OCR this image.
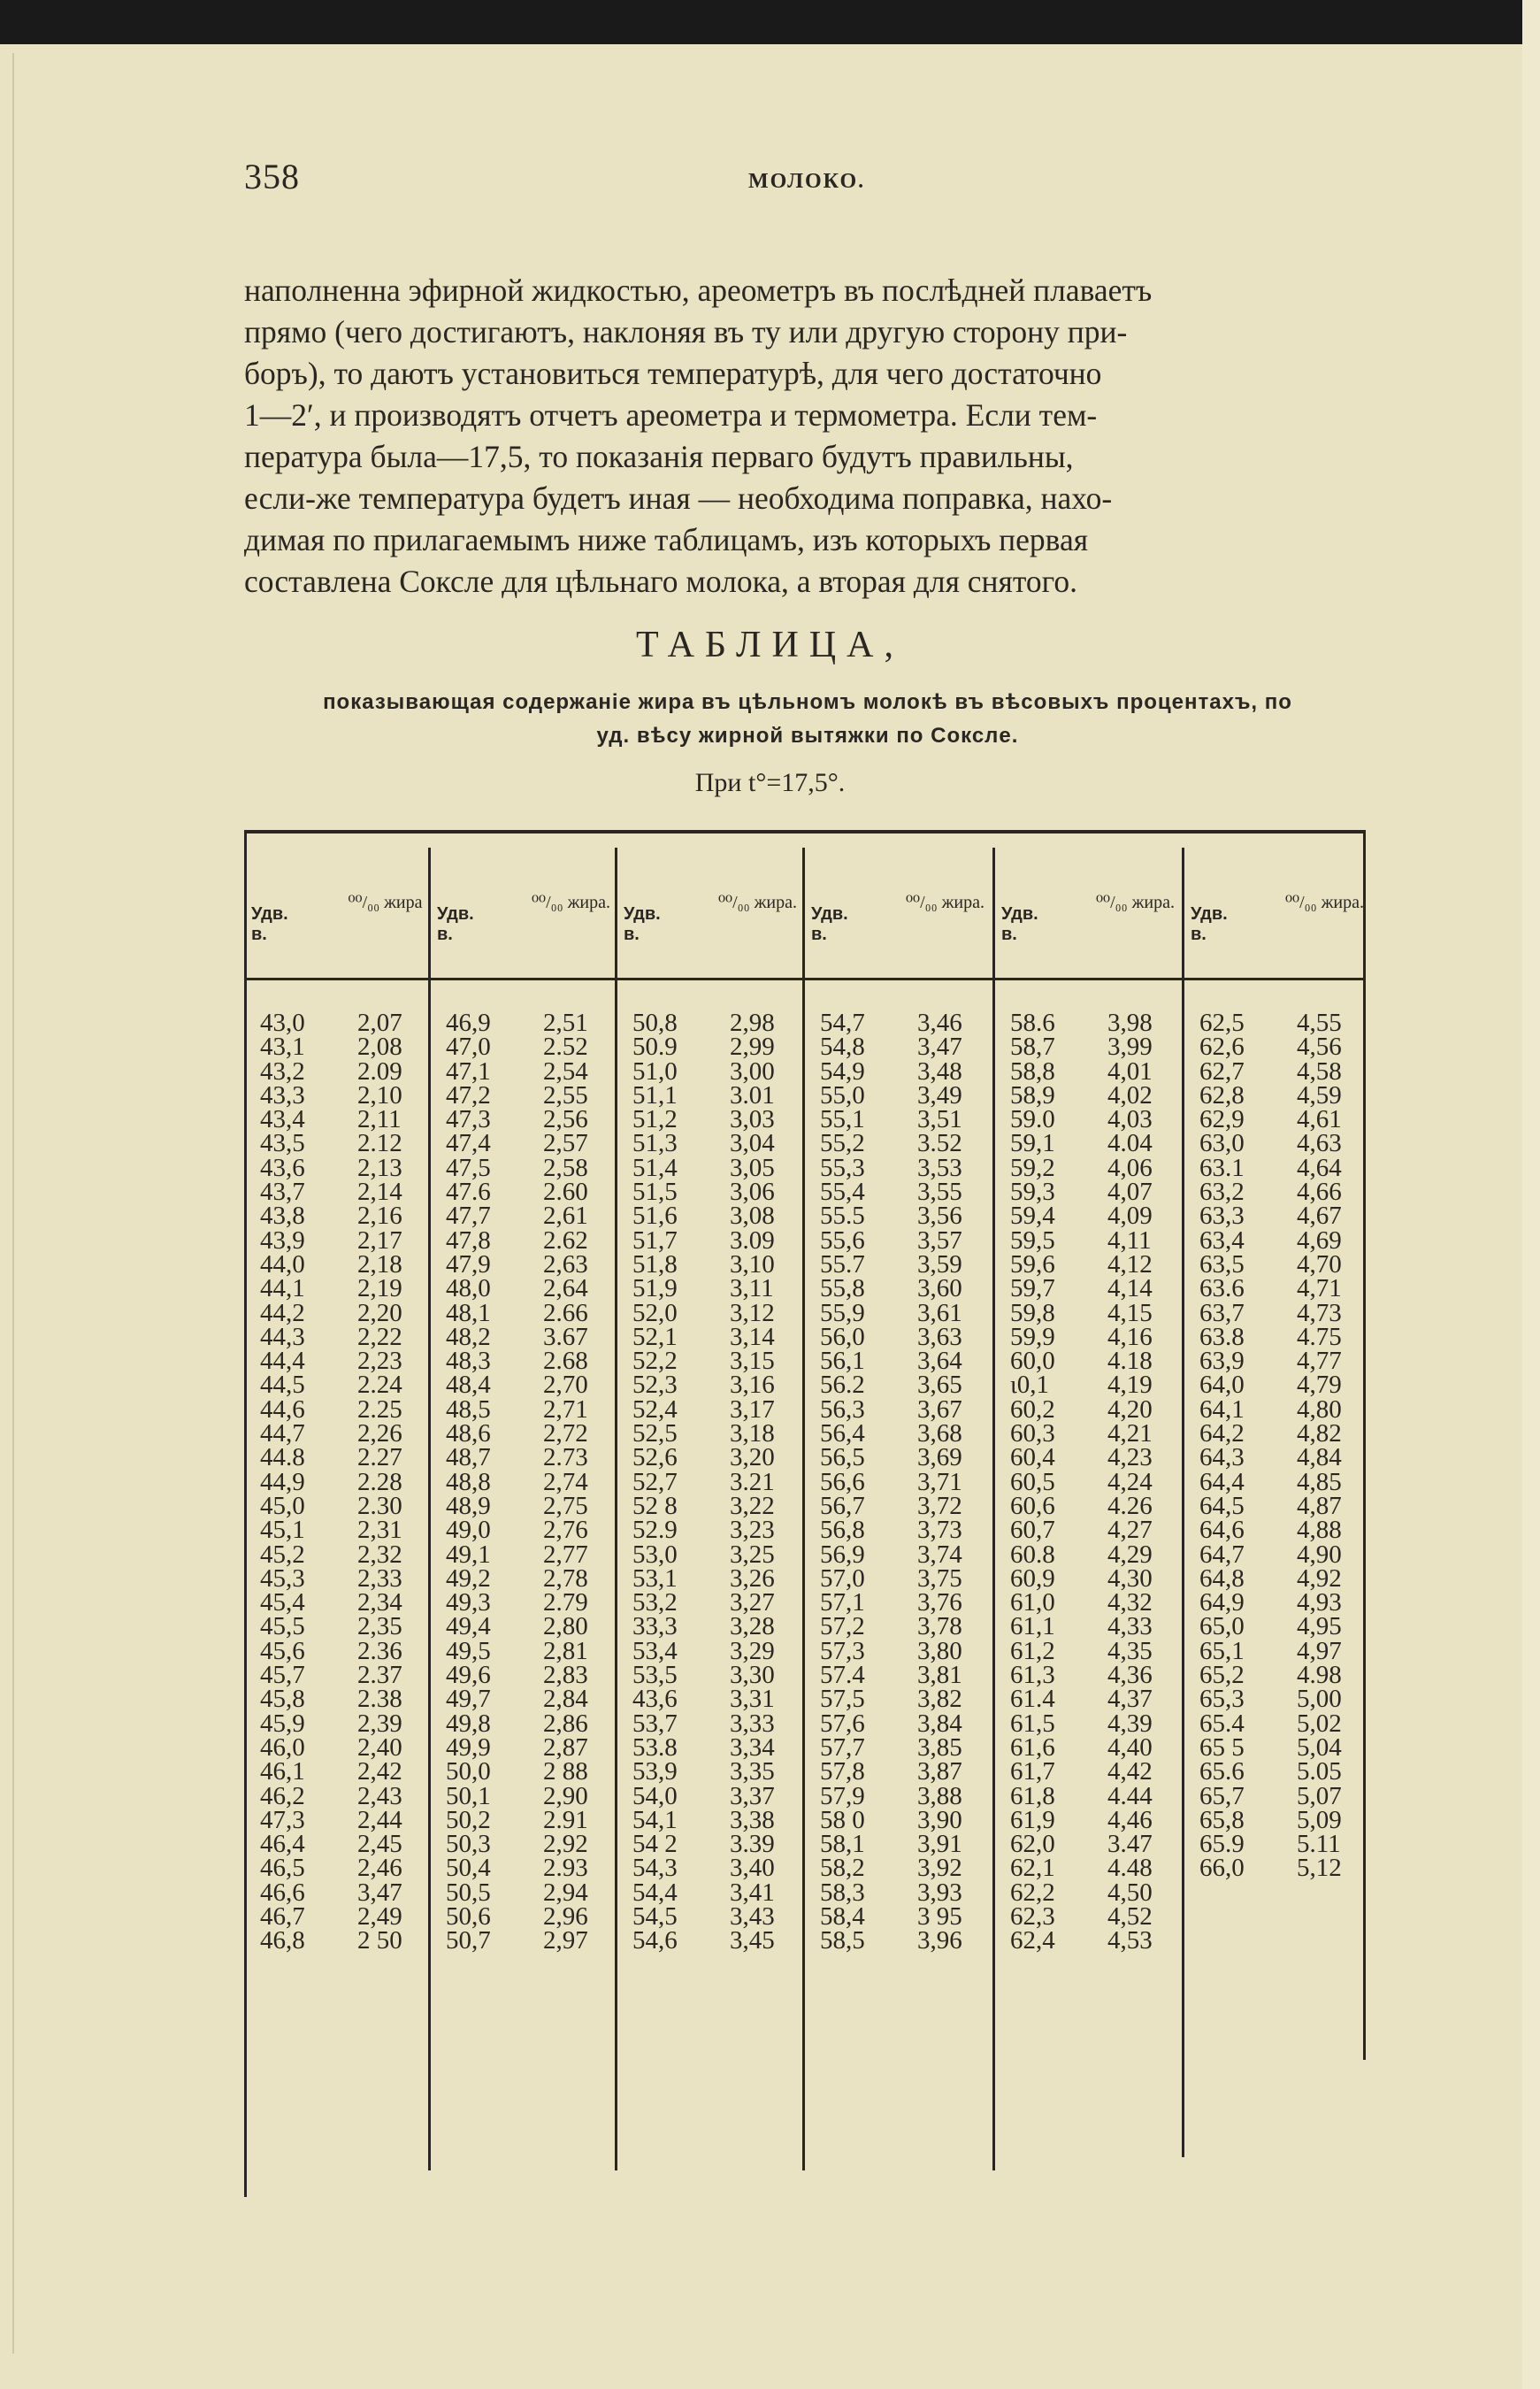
358	МОЛОКО.

наполненна эфирной жидкостью, ареометръ въ послѣдней плаваетъ

прямо (чего достигаютъ, наклоняя въ ту или другую сторону при-

боръ), то даютъ установиться температурѣ, для чего достаточно

1—2′, и производятъ отчетъ ареометра и термометра. Если тем-

пература была—17,5, то показанія перваго будутъ правильны,

если-же температура будетъ иная — необходима поправка, нахо-

димая по прилагаемымъ ниже таблицамъ, изъ которыхъ первая

составлена Сокслe для цѣльнаго молока, а вторая для снятого.

ТАБЛИЦА,
показывающая содержаніе жира въ цѣльномъ молокѣ въ вѣсовыхъ процентахъ, по
уд. вѣсу жирной вытяжки по Сокслe.
При t°=17,5°.
Удв. в.
⁰⁰/₀₀ жира
Удв. в.
⁰⁰/₀₀ жира.
Удв. в.
⁰⁰/₀₀ жира.
Удв. в.
⁰⁰/₀₀ жира.
Удв. в.
⁰⁰/₀₀ жира.
Удв. в.
⁰⁰/₀₀ жира.
43,0 2,07
43,1 2,08
43,2 2.09
43,3 2,10
43,4 2,11
43,5 2.12
43,6 2,13
43,7 2,14
43,8 2,16
43,9 2,17
44,0 2,18
44,1 2,19
44,2 2,20
44,3 2,22
44,4 2,23
44,5 2.24
44,6 2.25
44,7 2,26
44.8 2.27
44,9 2.28
45,0 2.30
45,1 2,31
45,2 2,32
45,3 2,33
45,4 2,34
45,5 2,35
45,6 2.36
45,7 2.37
45,8 2.38
45,9 2,39
46,0 2,40
46,1 2,42
46,2 2,43
47,3 2,44
46,4 2,45
46,5 2,46
46,6 3,47
46,7 2,49
46,8 2 50
46,9 2,51
47,0 2.52
47,1 2,54
47,2 2,55
47,3 2,56
47,4 2,57
47,5 2,58
47.6 2.60
47,7 2,61
47,8 2.62
47,9 2,63
48,0 2,64
48,1 2.66
48,2 3.67
48,3 2.68
48,4 2,70
48,5 2,71
48,6 2,72
48,7 2.73
48,8 2,74
48,9 2,75
49,0 2,76
49,1 2,77
49,2 2,78
49,3 2.79
49,4 2,80
49,5 2,81
49,6 2,83
49,7 2,84
49,8 2,86
49,9 2,87
50,0 2 88
50,1 2,90
50,2 2.91
50,3 2,92
50,4 2.93
50,5 2,94
50,6 2,96
50,7 2,97
50,8 2,98
50.9 2,99
51,0 3,00
51,1 3.01
51,2 3,03
51,3 3,04
51,4 3,05
51,5 3,06
51,6 3,08
51,7 3.09
51,8 3,10
51,9 3,11
52,0 3,12
52,1 3,14
52,2 3,15
52,3 3,16
52,4 3,17
52,5 3,18
52,6 3,20
52,7 3.21
52 8 3,22
52.9 3,23
53,0 3,25
53,1 3,26
53,2 3,27
33,3 3,28
53,4 3,29
53,5 3,30
43,6 3,31
53,7 3,33
53.8 3,34
53,9 3,35
54,0 3,37
54,1 3,38
54 2 3.39
54,3 3,40
54,4 3,41
54,5 3,43
54,6 3,45
54,7 3,46
54,8 3,47
54,9 3,48
55,0 3,49
55,1 3,51
55,2 3.52
55,3 3,53
55,4 3,55
55.5 3,56
55,6 3,57
55.7 3,59
55,8 3,60
55,9 3,61
56,0 3,63
56,1 3,64
56.2 3,65
56,3 3,67
56,4 3,68
56,5 3,69
56,6 3,71
56,7 3,72
56,8 3,73
56,9 3,74
57,0 3,75
57,1 3,76
57,2 3,78
57,3 3,80
57.4 3,81
57,5 3,82
57,6 3,84
57,7 3,85
57,8 3,87
57,9 3,88
58 0 3,90
58,1 3,91
58,2 3,92
58,3 3,93
58,4 3 95
58,5 3,96
58.6 3,98
58,7 3,99
58,8 4,01
58,9 4,02
59.0 4,03
59,1 4.04
59,2 4,06
59,3 4,07
59,4 4,09
59,5 4,11
59,6 4,12
59,7 4,14
59,8 4,15
59,9 4,16
60,0 4.18
ι0,1 4,19
60,2 4,20
60,3 4,21
60,4 4,23
60,5 4,24
60,6 4.26
60,7 4,27
60.8 4,29
60,9 4,30
61,0 4,32
61,1 4,33
61,2 4,35
61,3 4,36
61.4 4,37
61,5 4,39
61,6 4,40
61,7 4,42
61,8 4.44
61,9 4,46
62,0 3.47
62,1 4.48
62,2 4,50
62,3 4,52
62,4 4,53
62,5 4,55
62,6 4,56
62,7 4,58
62,8 4,59
62,9 4,61
63,0 4,63
63.1 4,64
63,2 4,66
63,3 4,67
63,4 4,69
63,5 4,70
63.6 4,71
63,7 4,73
63.8 4.75
63,9 4,77
64,0 4,79
64,1 4,80
64,2 4,82
64,3 4,84
64,4 4,85
64,5 4,87
64,6 4,88
64,7 4,90
64,8 4,92
64,9 4,93
65,0 4,95
65,1 4,97
65,2 4.98
65,3 5,00
65.4 5,02
65 5 5,04
65.6 5.05
65,7 5,07
65,8 5,09
65.9 5.11
66,0 5,12
